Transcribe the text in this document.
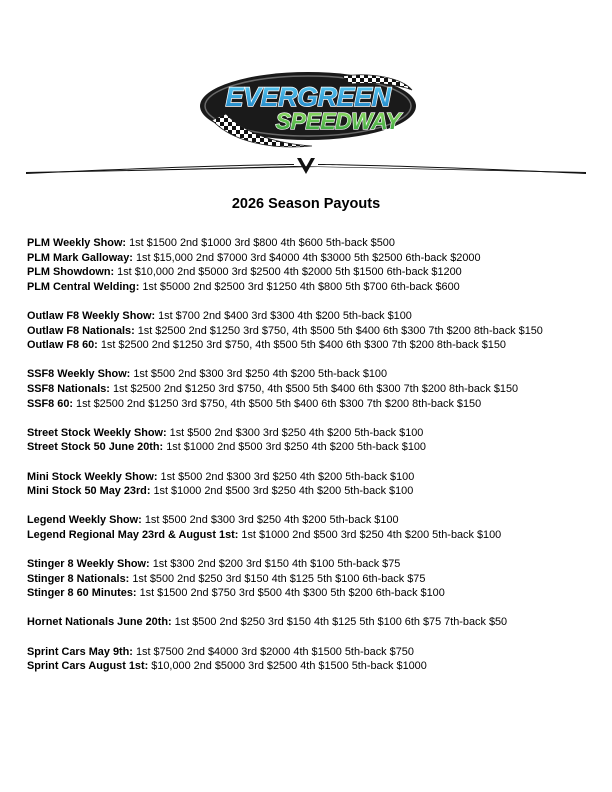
EVERGREEN
SPEEDWAY
2026 Season Payouts
PLM Weekly Show: 1st $1500 2nd $1000 3rd $800 4th $600 5th-back $500
PLM Mark Galloway: 1st $15,000 2nd $7000 3rd $4000 4th $3000 5th $2500 6th-back $2000
PLM Showdown: 1st $10,000 2nd $5000 3rd $2500 4th $2000 5th $1500 6th-back $1200
PLM Central Welding: 1st $5000 2nd $2500 3rd $1250 4th $800 5th $700 6th-back $600
Outlaw F8 Weekly Show: 1st $700 2nd $400 3rd $300 4th $200 5th-back $100
Outlaw F8 Nationals: 1st $2500 2nd $1250 3rd $750, 4th $500 5th $400 6th $300 7th $200 8th-back $150
Outlaw F8 60: 1st $2500 2nd $1250 3rd $750, 4th $500 5th $400 6th $300 7th $200 8th-back $150
SSF8 Weekly Show: 1st $500 2nd $300 3rd $250 4th $200 5th-back $100
SSF8 Nationals: 1st $2500 2nd $1250 3rd $750, 4th $500 5th $400 6th $300 7th $200 8th-back $150
SSF8 60: 1st $2500 2nd $1250 3rd $750, 4th $500 5th $400 6th $300 7th $200 8th-back $150
Street Stock Weekly Show: 1st $500 2nd $300 3rd $250 4th $200 5th-back $100
Street Stock 50 June 20th: 1st $1000 2nd $500 3rd $250 4th $200 5th-back $100
Mini Stock Weekly Show: 1st $500 2nd $300 3rd $250 4th $200 5th-back $100
Mini Stock 50 May 23rd: 1st $1000 2nd $500 3rd $250 4th $200 5th-back $100
Legend Weekly Show: 1st $500 2nd $300 3rd $250 4th $200 5th-back $100
Legend Regional May 23rd & August 1st: 1st $1000 2nd $500 3rd $250 4th $200 5th-back $100
Stinger 8 Weekly Show: 1st $300 2nd $200 3rd $150 4th $100 5th-back $75
Stinger 8 Nationals: 1st $500 2nd $250 3rd $150 4th $125 5th $100 6th-back $75
Stinger 8 60 Minutes: 1st $1500 2nd $750 3rd $500 4th $300 5th $200 6th-back $100
Hornet Nationals June 20th: 1st $500 2nd $250 3rd $150 4th $125 5th $100 6th $75 7th-back $50
Sprint Cars May 9th: 1st $7500 2nd $4000 3rd $2000 4th $1500 5th-back $750
Sprint Cars August 1st: $10,000 2nd $5000 3rd $2500 4th $1500 5th-back $1000
